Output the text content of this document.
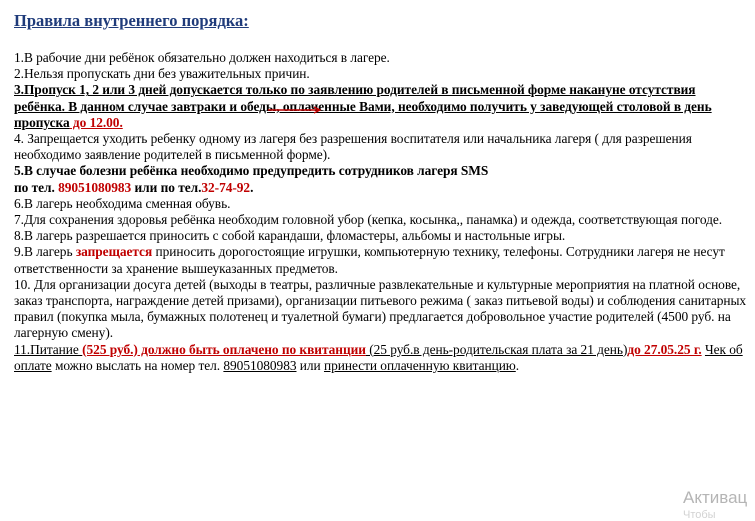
Правила внутреннего порядка:

1.В рабочие дни ребёнок обязательно должен находиться в лагере.

2.Нельзя пропускать дни без уважительных причин.

3.Пропуск 1, 2 или 3 дней допускается только по заявлению родителей в письменной форме накануне отсутствия ребёнка. В данном случае завтраки и обеды, оплаченные Вами, необходимо получить у заведующей столовой в день пропуска до 12.00.

4. Запрещается уходить ребенку одному из лагеря без разрешения воспитателя или начальника лагеря ( для разрешения необходимо заявление родителей в письменной форме).

5.В случае болезни ребёнка необходимо предупредить сотрудников лагеря SMS
по тел. 89051080983 или по тел.32-74-92.

6.В лагерь необходима сменная обувь.

7.Для сохранения здоровья ребёнка необходим головной убор (кепка, косынка,, панамка) и одежда, соответствующая погоде.

8.В лагерь разрешается приносить с собой карандаши, фломастеры, альбомы и настольные игры.

9.В лагерь запрещается приносить дорогостоящие игрушки, компьютерную технику, телефоны. Сотрудники лагеря не несут ответственности за хранение вышеуказанных предметов.

10. Для организации досуга детей (выходы в театры, различные развлекательные и культурные мероприятия на платной основе, заказ транспорта, награждение детей призами), организации питьевого режима ( заказ питьевой воды) и соблюдения санитарных правил (покупка мыла, бумажных полотенец и туалетной бумаги) предлагается добровольное участие родителей (4500 руб. на лагерную смену).

11.Питание (525 руб.) должно быть оплачено по квитанции (25 руб.в день-родительская плата за 21 день)до 27.05.25 г. Чек об оплате можно выслать на номер тел. 89051080983 или принести оплаченную квитанцию.

Активац
Чтобы
